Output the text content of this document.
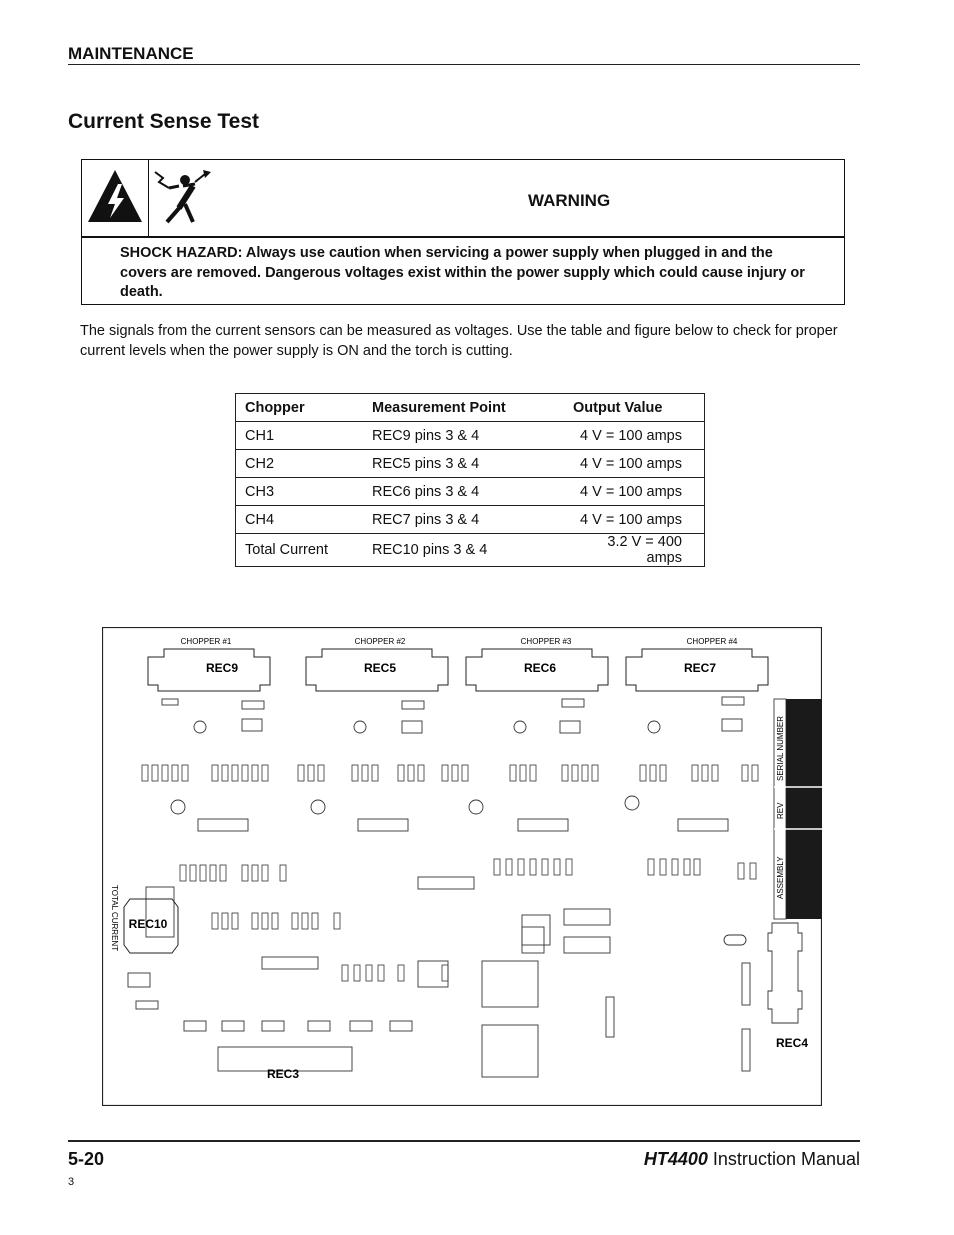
MAINTENANCE
Current Sense Test
WARNING
SHOCK HAZARD: Always use caution when servicing a power supply when plugged in and the covers are removed. Dangerous voltages exist within the power supply which could cause injury or death.
The signals from the current sensors can be measured as voltages. Use the table and figure below to check for proper current levels when the power supply is ON and the torch is cutting.
Chopper	Measurement Point	Output Value
CH1	REC9 pins 3 & 4	4 V = 100 amps
CH2	REC5 pins 3 & 4	4 V = 100 amps
CH3	REC6 pins 3 & 4	4 V = 100 amps
CH4	REC7 pins 3 & 4	4 V = 100 amps
Total Current	REC10 pins 3 & 4	3.2 V = 400 amps
CHOPPER #1
REC9
CHOPPER #2
REC5
CHOPPER #3
REC6
CHOPPER #4
REC7
SERIAL NUMBER
REV
ASSEMBLY
TOTAL CURRENT REC10
REC3
REC4
5-20	HT4400 Instruction Manual
3
